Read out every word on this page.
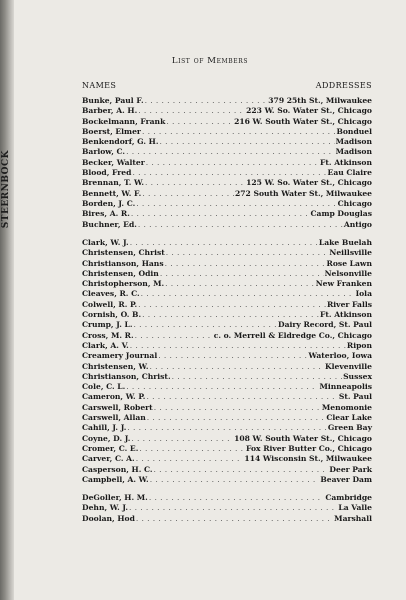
STEERNBOCK
List of Members
NAMES	ADDRESSES
Bunke, Paul F. . . .	379 25th St., Milwaukee
Barber, A. H. . . .	223 W. So. Water St., Chicago
Bockelmann, Frank . . .	216 W. South Water St., Chicago
Boerst, Elmer . . .	Bonduel
Benkendorf, G. H. . . .	Madison
Barlow, C. . . .	Madison
Becker, Walter . . .	Ft. Atkinson
Blood, Fred . . .	Eau Claire
Brennan, T. W. . . .	125 W. So. Water St., Chicago
Bennett, W. F. . . .	272 South Water St., Milwaukee
Borden, J. C. . . .	Chicago
Bires, A. R. . . .	Camp Douglas
Buchner, Ed. . . .	Antigo
Clark, W. J. . . .	Lake Buelah
Christensen, Christ . . .	Neillsville
Christianson, Hans . . .	Rose Lawn
Christensen, Odin . . .	Nelsonville
Christopherson, M. . . .	New Franken
Cleaves, R. C. . . .	Iola
Colwell, R. P. . . .	River Falls
Cornish, O. B. . . .	Ft. Atkinson
Crump, J. L. . . .	Dairy Record, St. Paul
Cross, M. R. . . .	c. o. Merrell & Eldredge Co., Chicago
Clark, A. V. . . .	Ripon
Creamery Journal . . .	Waterloo, Iowa
Christensen, W. . . .	Klevenville
Christianson, Christ. . . .	Sussex
Cole, C. L. . . .	Minneapolis
Cameron, W. P. . . .	St. Paul
Carswell, Robert . . .	Menomonie
Carswell, Allan . . .	Clear Lake
Cahill, J. J. . . .	Green Bay
Coyne, D. J. . . .	108 W. South Water St., Chicago
Cromer, C. E. . . .	Fox River Butter Co., Chicago
Carver, C. A. . . .	114 Wisconsin St., Milwaukee
Casperson, H. C. . . .	Deer Park
Campbell, A. W. . . .	Beaver Dam
DeGoller, H. M. . . .	Cambridge
Dehn, W. J. . . .	La Valle
Doolan, Hod . . .	Marshall
